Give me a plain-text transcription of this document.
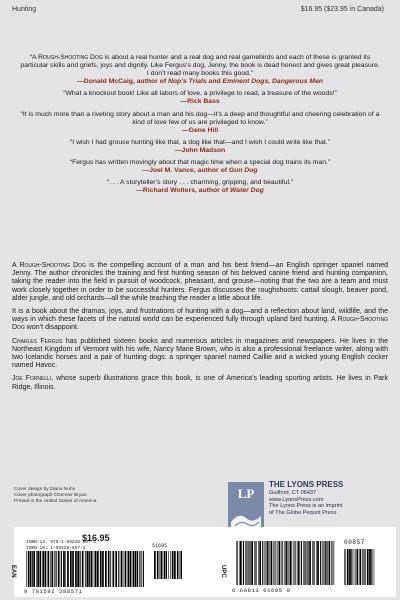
Hunting	$16.95 ($23.95 in Canada)

“A Rough-Shooting Dog is about a real hunter and a real dog and real gamebirds and each of these is granted its particular skills and griefs, joys and dignity. Like Fergus’s dog, Jenny, the book is dead honest and gives great pleasure. I don’t read many books this good.”
—Donald McCaig, author of Nop’s Trials and Eminent Dogs, Dangerous Men

“What a knockout book! Like all labors of love, a privilege to read, a treasure of the woods!”
—Rick Bass

“It is much more than a riveting story about a man and his dog—it’s a deep and thoughtful and cheering celebration of a kind of love few of us are privileged to know.”
—Gene Hill

“I wish I had grouse hunting like that, a dog like that—and I wish I could write like that.”
—John Madson

“Fergus has written movingly about that magic time when a special dog trains its man.”
—Joel M. Vance, author of Gun Dog

“. . . A storyteller’s story . . . charming, gripping, and beautiful.”
—Richard Wolters, author of Water Dog

A Rough-Shooting Dog is the compelling account of a man and his best friend—an English springer spaniel named Jenny. The author chronicles the training and first hunting season of his beloved canine friend and hunting companion, taking the reader into the field in pursuit of woodcock, pheasant, and grouse—noting that the two are a team and must work closely together in order to be successful hunters. Fergus discusses the roughshoots: cattail slough, beaver pond, alder jungle, and old orchards—all the while teaching the reader a little about life.

It is a book about the dramas, joys, and frustrations of hunting with a dog—and a reflection about land, wildlife, and the ways in which these facets of the natural world can be experienced fully through upland bird hunting. A Rough-Shooting Dog won’t disappoint.

Charles Fergus has published sixteen books and numerous articles in magazines and newspapers. He lives in the Northeast Kingdom of Vermont with his wife, Nancy Marie Brown, who is also a professional freelance writer, along with two Icelandic horses and a pair of hunting dogs: a springer spaniel named Caillie and a wicked young English cocker named Havoc.

Joe Fornelli, whose superb illustrations grace this book, is one of America’s leading sporting artists. He lives in Park Ridge, Illinois.

Cover design by Diana Nuhn
Cover photograph ©Denver Bryan
Printed in the United States of America
LP
THE LYONS PRESS
Guilford, CT 06437
www.LyonsPress.com
The Lyons Press is an imprint
of The Globe Pequot Press
EAN
$16.95
ISBN-13: 978-1-59228-857-1
ISBN-10: 1-59228-857-X	51695
9 781592 288571
UPC
00857
6 60813 01695 9
